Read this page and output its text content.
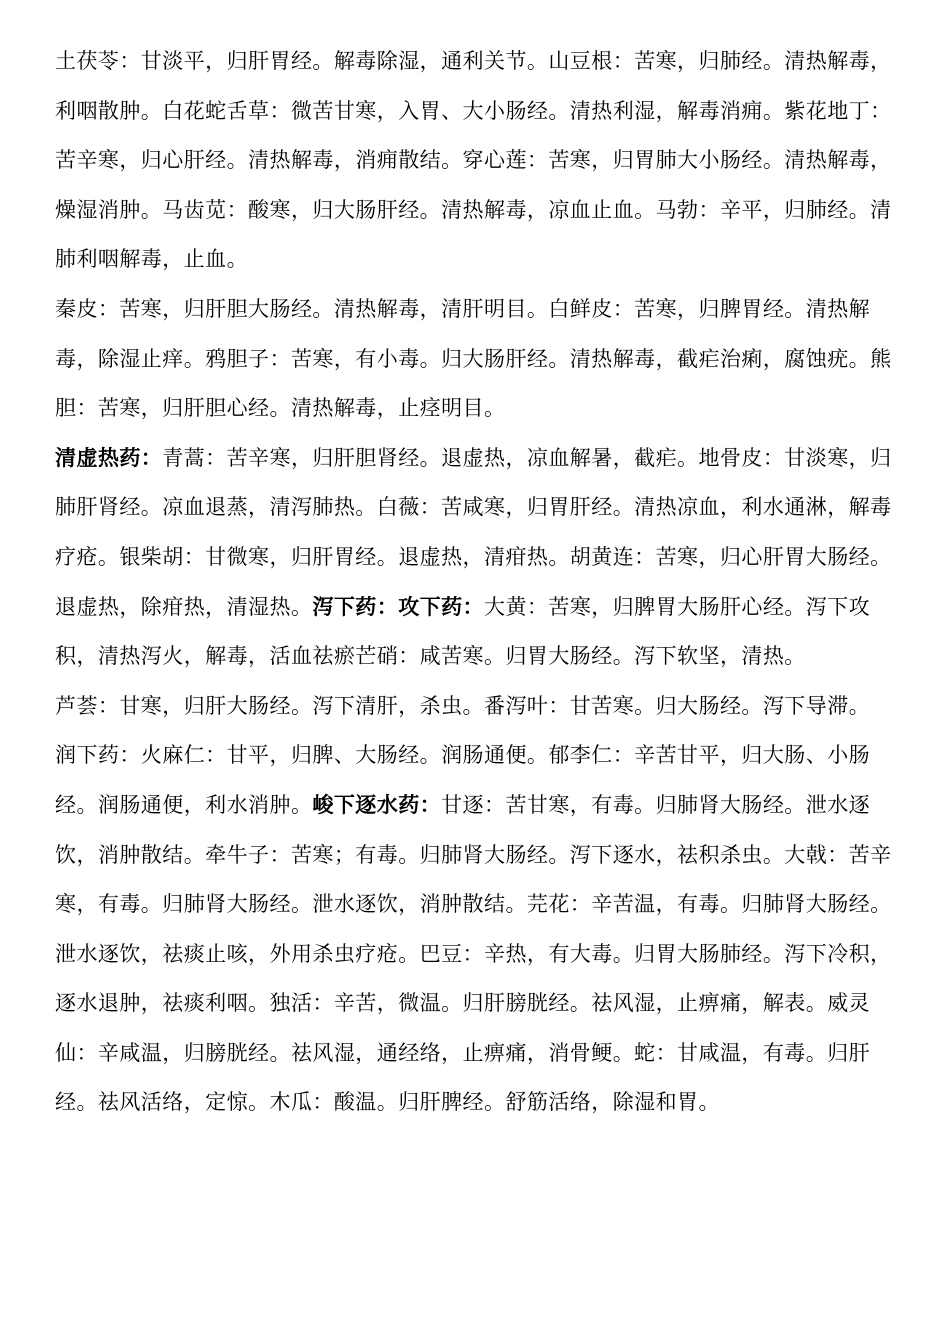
土茯苓：甘淡平，归肝胃经。解毒除湿，通利关节。山豆根：苦寒，归肺经。清热解毒，利咽散肿。白花蛇舌草：微苦甘寒，入胃、大小肠经。清热利湿，解毒消痈。紫花地丁：苦辛寒，归心肝经。清热解毒，消痈散结。穿心莲：苦寒，归胃肺大小肠经。清热解毒，燥湿消肿。马齿苋：酸寒，归大肠肝经。清热解毒，凉血止血。马勃：辛平，归肺经。清肺利咽解毒，止血。

秦皮：苦寒，归肝胆大肠经。清热解毒，清肝明目。白鲜皮：苦寒，归脾胃经。清热解毒，除湿止痒。鸦胆子：苦寒，有小毒。归大肠肝经。清热解毒，截疟治痢，腐蚀疣。熊胆：苦寒，归肝胆心经。清热解毒，止痉明目。

清虚热药：青蒿：苦辛寒，归肝胆肾经。退虚热，凉血解暑，截疟。地骨皮：甘淡寒，归肺肝肾经。凉血退蒸，清泻肺热。白薇：苦咸寒，归胃肝经。清热凉血，利水通淋，解毒疗疮。银柴胡：甘微寒，归肝胃经。退虚热，清疳热。胡黄连：苦寒，归心肝胃大肠经。退虚热，除疳热，清湿热。泻下药：攻下药：大黄：苦寒，归脾胃大肠肝心经。泻下攻积，清热泻火，解毒，活血祛瘀芒硝：咸苦寒。归胃大肠经。泻下软坚，清热。

芦荟：甘寒，归肝大肠经。泻下清肝，杀虫。番泻叶：甘苦寒。归大肠经。泻下导滞。

润下药：火麻仁：甘平，归脾、大肠经。润肠通便。郁李仁：辛苦甘平，归大肠、小肠经。润肠通便，利水消肿。峻下逐水药：甘逐：苦甘寒，有毒。归肺肾大肠经。泄水逐饮，消肿散结。牵牛子：苦寒；有毒。归肺肾大肠经。泻下逐水，祛积杀虫。大戟：苦辛寒，有毒。归肺肾大肠经。泄水逐饮，消肿散结。芫花：辛苦温，有毒。归肺肾大肠经。泄水逐饮，祛痰止咳，外用杀虫疗疮。巴豆：辛热，有大毒。归胃大肠肺经。泻下冷积，逐水退肿，祛痰利咽。独活：辛苦，微温。归肝膀胱经。祛风湿，止痹痛，解表。威灵仙：辛咸温，归膀胱经。祛风湿，通经络，止痹痛，消骨鲠。蛇：甘咸温，有毒。归肝经。祛风活络，定惊。木瓜：酸温。归肝脾经。舒筋活络，除湿和胃。
